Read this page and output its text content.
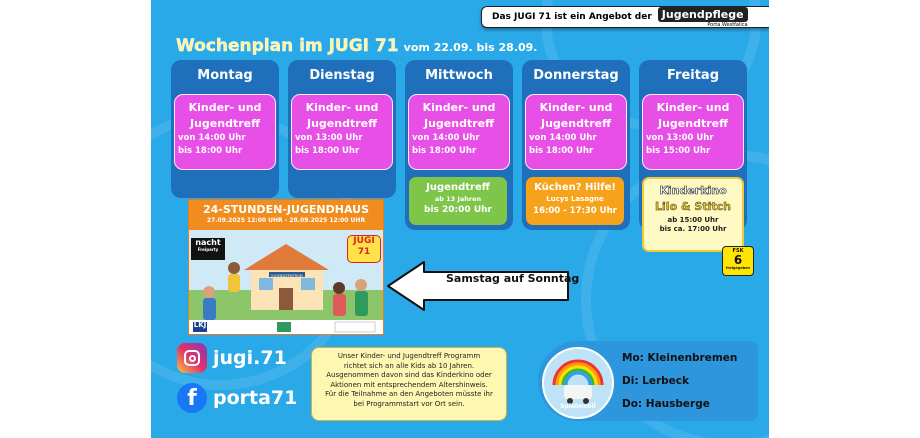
Das JUGI 71 ist ein Angebot der Jugendpflege
Porta Westfalica
Wochenplan im JUGI 71 vom 22.09. bis 28.09.
Montag
Kinder- und
Jugendtreff
von 14:00 Uhr
bis 18:00 Uhr
Dienstag
Kinder- und
Jugendtreff
von 13:00 Uhr
bis 18:00 Uhr
Mittwoch
Kinder- und
Jugendtreff
von 14:00 Uhr
bis 18:00 Uhr
Jugendtreff
ab 13 Jahren
bis 20:00 Uhr
Donnerstag
Kinder- und
Jugendtreff
von 14:00 Uhr
bis 18:00 Uhr
Küchen? Hilfe!
Lucys Lasagne
16:00 - 17:30 Uhr
Freitag
Kinder- und
Jugendtreff
von 13:00 Uhr
bis 15:00 Uhr
Kinderkino
Lilo & Stitch
ab 15:00 Uhr
bis ca. 17:00 Uhr
FSK
6
freigegeben
24-STUNDEN-JUGENDHAUS
27.09.2025 12:00 UHR - 28.09.2025 12:00 UHR
nacht
Freiparty
JUGI
71
JUGENDZENTRUM
LKJ
Samstag auf Sonntag
jugi.71
f porta71
Unser Kinder- und Jugendtreff Programm
richtet sich an alle Kids ab 10 Jahren.
Ausgenommen davon sind das Kinderkino oder
Aktionen mit entsprechendem Altershinweis.
Für die Teilnahme an den Angeboten müsste ihr
bei Programmstart vor Ort sein.	Spielmobil
Mo: Kleinenbremen
Di: Lerbeck
Do: Hausberge
